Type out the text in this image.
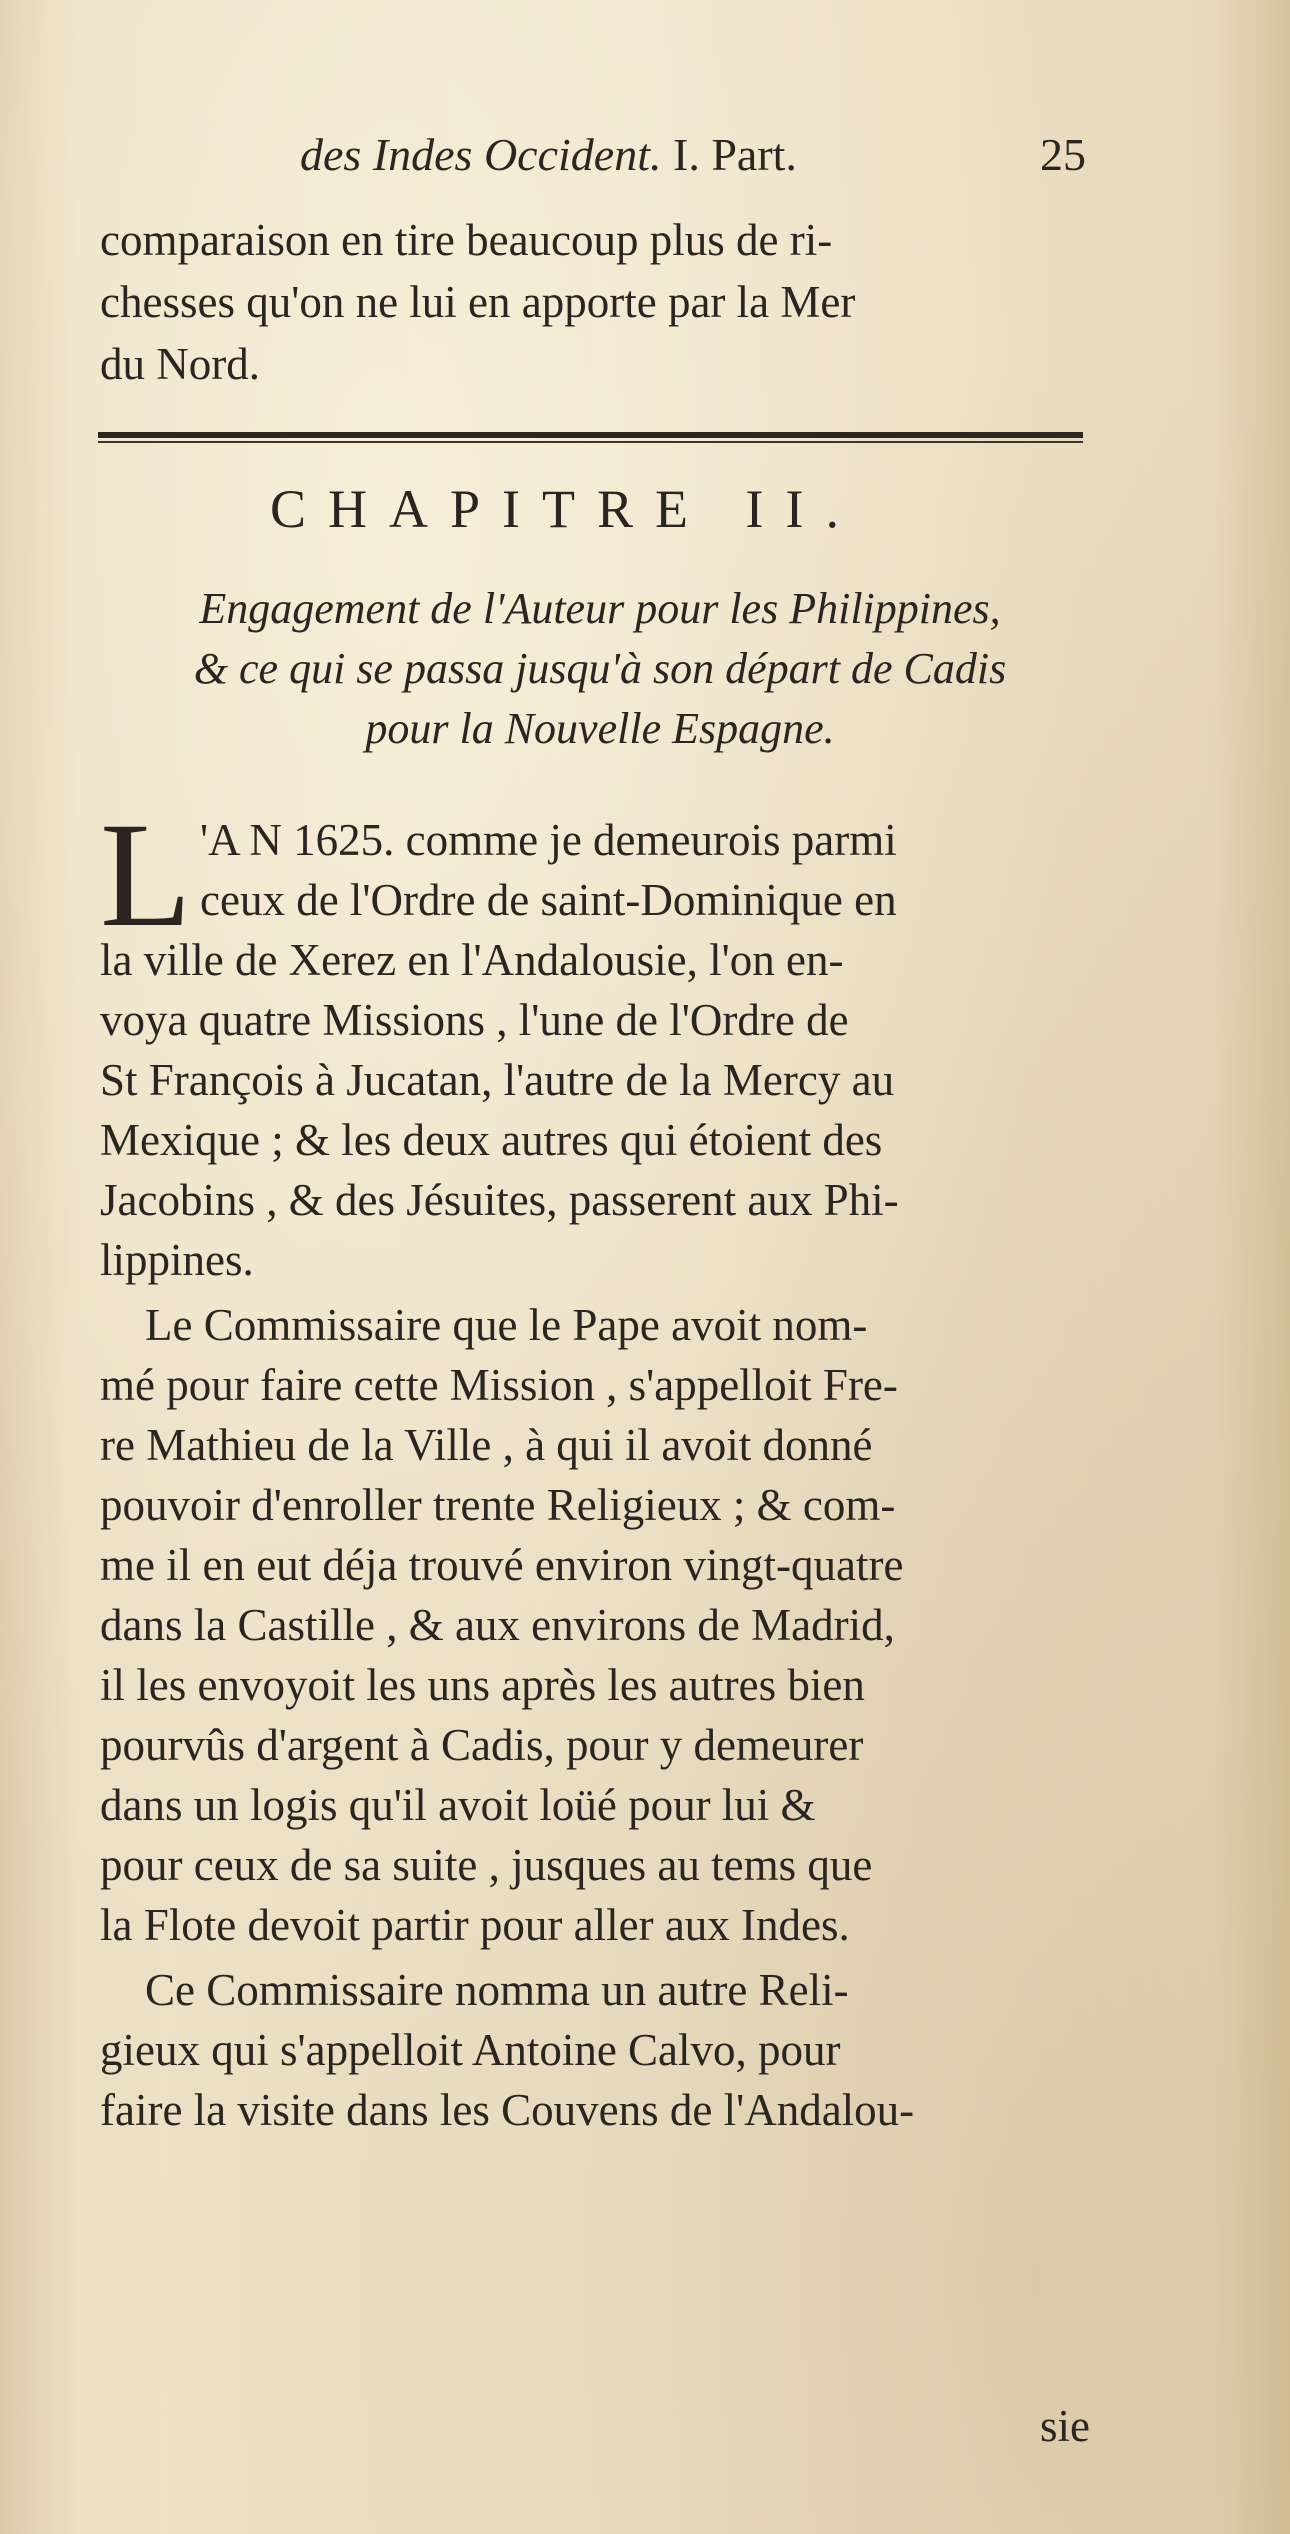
des Indes Occident. I. Part.	25
comparaison en tire beaucoup plus de ri-
chesses qu'on ne lui en apporte par la Mer
du Nord.
CHAPITRE II.
Engagement de l'Auteur pour les Philippines,
& ce qui se passa jusqu'à son départ de Cadis
pour la Nouvelle Espagne.
L 'A N 1625. comme je demeurois parmi
ceux de l'Ordre de saint-Dominique en
la ville de Xerez en l'Andalousie, l'on en-
voya quatre Missions , l'une de l'Ordre de
St François à Jucatan, l'autre de la Mercy au
Mexique ; & les deux autres qui étoient des
Jacobins , & des Jésuites, passerent aux Phi-
lippines.
Le Commissaire que le Pape avoit nom-
mé pour faire cette Mission , s'appelloit Fre-
re Mathieu de la Ville , à qui il avoit donné
pouvoir d'enroller trente Religieux ; & com-
me il en eut déja trouvé environ vingt-quatre
dans la Castille , & aux environs de Madrid,
il les envoyoit les uns après les autres bien
pourvûs d'argent à Cadis, pour y demeurer
dans un logis qu'il avoit loüé pour lui &
pour ceux de sa suite , jusques au tems que
la Flote devoit partir pour aller aux Indes.
Ce Commissaire nomma un autre Reli-
gieux qui s'appelloit Antoine Calvo, pour
faire la visite dans les Couvens de l'Andalou-
sie
